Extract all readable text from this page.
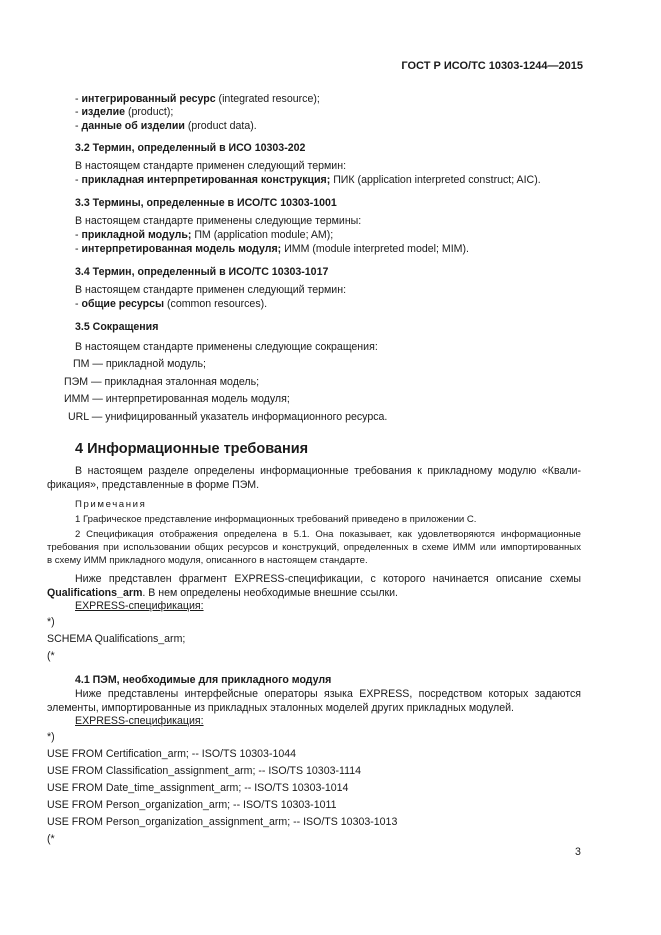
ГОСТ Р ИСО/ТС 10303-1244—2015
- интегрированный ресурс (integrated resource);
- изделие (product);
- данные об изделии (product data).
3.2 Термин, определенный в ИСО 10303-202
В настоящем стандарте применен следующий термин:
- прикладная интерпретированная конструкция; ПИК (application interpreted construct; AIC).
3.3 Термины, определенные в ИСО/ТС 10303-1001
В настоящем стандарте применены следующие термины:
- прикладной модуль; ПМ (application module; AM);
- интерпретированная модель модуля; ИММ (module interpreted model; MIM).
3.4 Термин, определенный в ИСО/ТС 10303-1017
В настоящем стандарте применен следующий термин:
- общие ресурсы (common resources).
3.5 Сокращения
В настоящем стандарте применены следующие сокращения:
ПМ — прикладной модуль;
ПЭМ — прикладная эталонная модель;
ИММ — интерпретированная модель модуля;
URL — унифицированный указатель информационного ресурса.
4 Информационные требования
В настоящем разделе определены информационные требования к прикладному модулю «Квали-
фикация», представленные в форме ПЭМ.
Примечания
1 Графическое представление информационных требований приведено в приложении С.
2 Спецификация отображения определена в 5.1. Она показывает, как удовлетворяются информационные
требования при использовании общих ресурсов и конструкций, определенных в схеме ИММ или импортированных
в схему ИММ прикладного модуля, описанного в настоящем стандарте.
Ниже представлен фрагмент EXPRESS-спецификации, с которого начинается описание схемы
Qualifications_arm. В нем определены необходимые внешние ссылки.
EXPRESS-спецификация:
*)
SCHEMA Qualifications_arm;
(*
4.1 ПЭМ, необходимые для прикладного модуля
Ниже представлены интерфейсные операторы языка EXPRESS, посредством которых задаются
элементы, импортированные из прикладных эталонных моделей других прикладных модулей.
EXPRESS-спецификация:
*)
USE FROM Certification_arm; -- ISO/TS 10303-1044
USE FROM Classification_assignment_arm; -- ISO/TS 10303-1114
USE FROM Date_time_assignment_arm; -- ISO/TS 10303-1014
USE FROM Person_organization_arm; -- ISO/TS 10303-1011
USE FROM Person_organization_assignment_arm; -- ISO/TS 10303-1013
(*
3
